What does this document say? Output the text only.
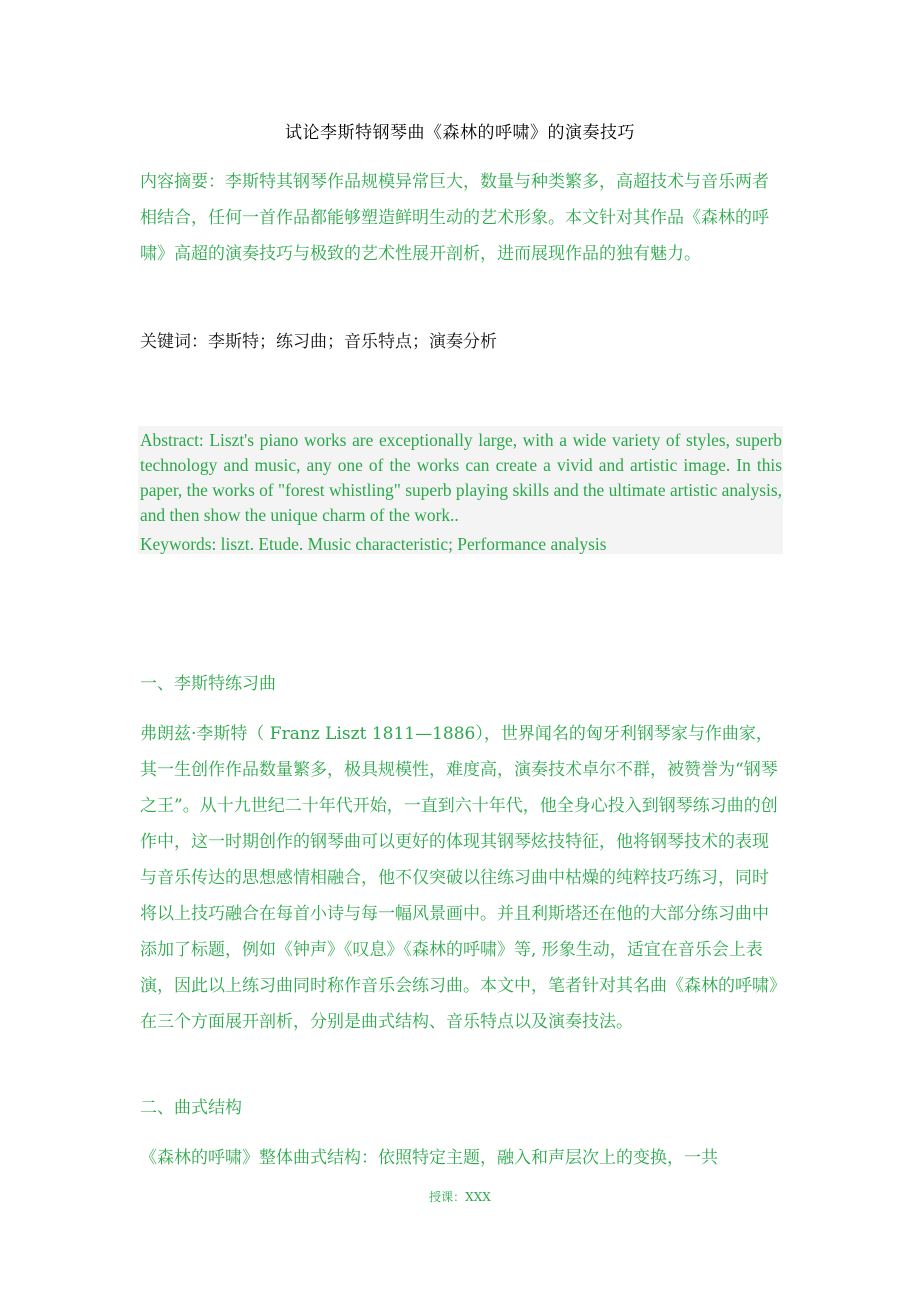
试论李斯特钢琴曲《森林的呼啸》的演奏技巧

内容摘要：李斯特其钢琴作品规模异常巨大，数量与种类繁多，高超技术与音乐两者相结合，任何一首作品都能够塑造鲜明生动的艺术形象。本文针对其作品《森林的呼啸》高超的演奏技巧与极致的艺术性展开剖析，进而展现作品的独有魅力。

关键词：李斯特；练习曲；音乐特点；演奏分析

Abstract: Liszt's piano works are exceptionally large, with a wide variety of styles, superb technology and music, any one of the works can create a vivid and artistic image. In this paper, the works of "forest whistling" superb playing skills and the ultimate artistic analysis, and then show the unique charm of the work..

Keywords: liszt. Etude. Music characteristic; Performance analysis

一、李斯特练习曲

弗朗兹·李斯特（ Franz Liszt 1811—1886），世界闻名的匈牙利钢琴家与作曲家，其一生创作作品数量繁多，极具规模性，难度高，演奏技术卓尔不群，被赞誉为“钢琴之王”。从十九世纪二十年代开始，一直到六十年代，他全身心投入到钢琴练习曲的创作中，这一时期创作的钢琴曲可以更好的体现其钢琴炫技特征，他将钢琴技术的表现与音乐传达的思想感情相融合，他不仅突破以往练习曲中枯燥的纯粹技巧练习，同时将以上技巧融合在每首小诗与每一幅风景画中。并且利斯塔还在他的大部分练习曲中添加了标题，例如《钟声》《叹息》《森林的呼啸》等, 形象生动，适宜在音乐会上表演，因此以上练习曲同时称作音乐会练习曲。本文中，笔者针对其名曲《森林的呼啸》在三个方面展开剖析，分别是曲式结构、音乐特点以及演奏技法。

二、曲式结构

《森林的呼啸》整体曲式结构：依照特定主题，融入和声层次上的变换，一共

授课：XXX
